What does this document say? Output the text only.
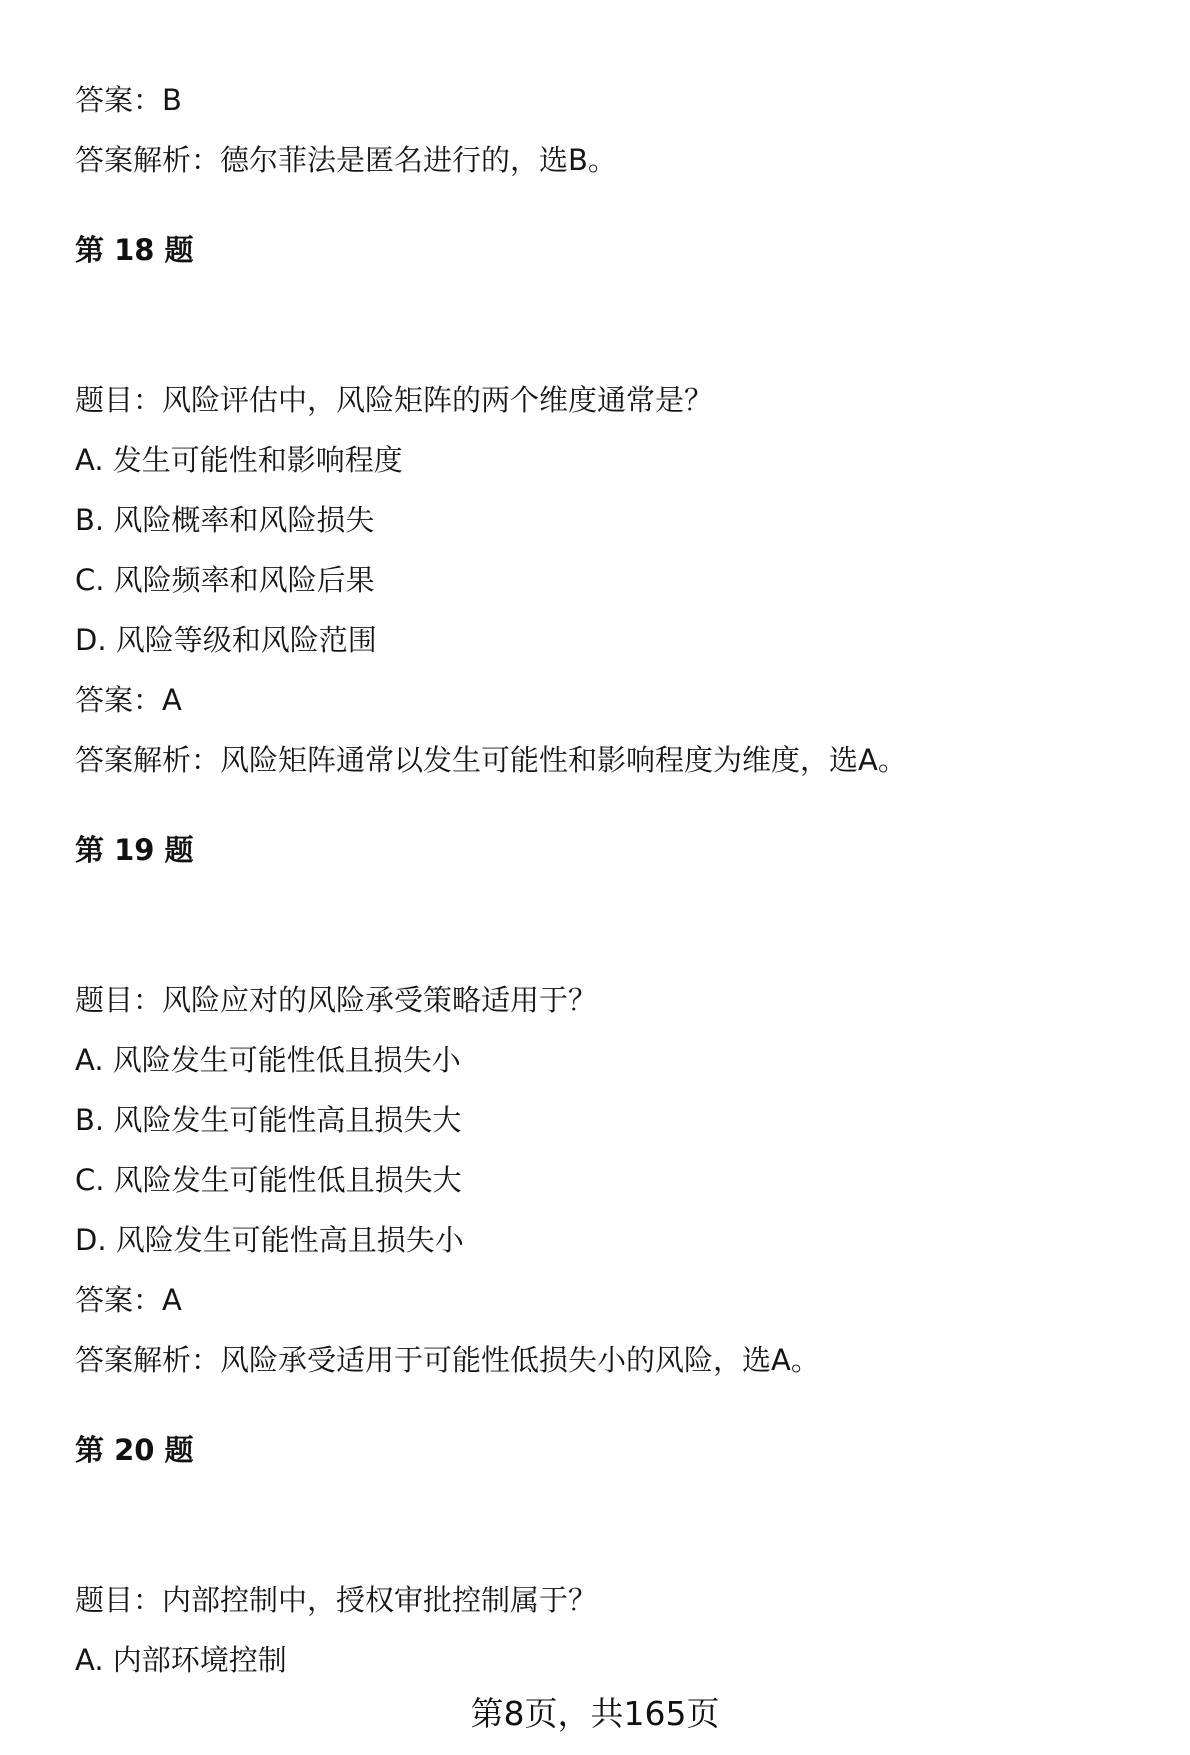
答案：B
答案解析：德尔菲法是匿名进行的，选B。
第 18 题
题目：风险评估中，风险矩阵的两个维度通常是？
A. 发生可能性和影响程度
B. 风险概率和风险损失
C. 风险频率和风险后果
D. 风险等级和风险范围
答案：A
答案解析：风险矩阵通常以发生可能性和影响程度为维度，选A。
第 19 题
题目：风险应对的风险承受策略适用于？
A. 风险发生可能性低且损失小
B. 风险发生可能性高且损失大
C. 风险发生可能性低且损失大
D. 风险发生可能性高且损失小
答案：A
答案解析：风险承受适用于可能性低损失小的风险，选A。
第 20 题
题目：内部控制中，授权审批控制属于？
A. 内部环境控制
第8页，共165页
